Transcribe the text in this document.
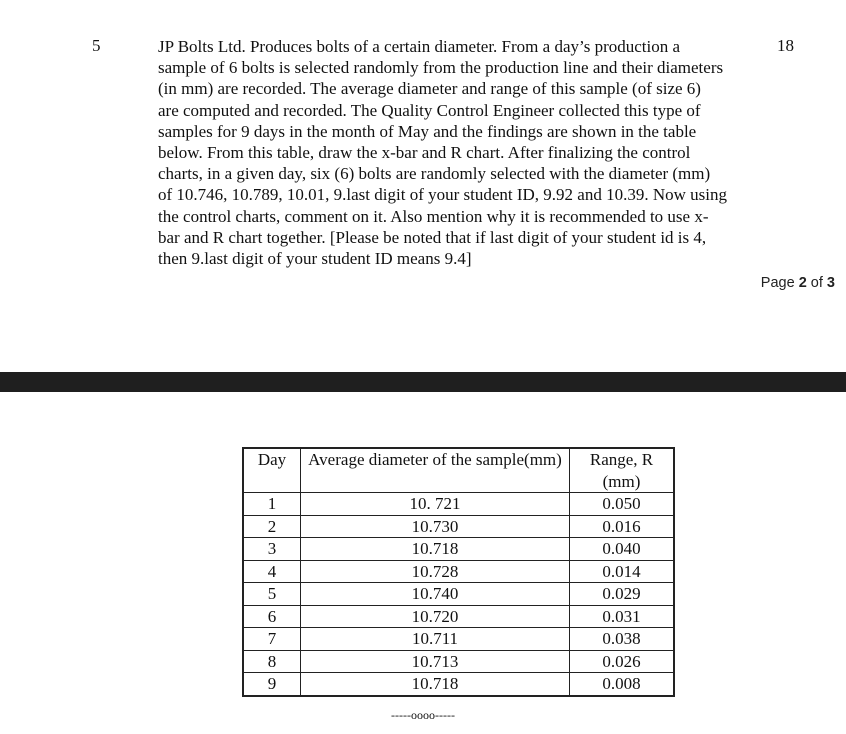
5	JP Bolts Ltd. Produces bolts of a certain diameter. From a day’s production a
sample of 6 bolts is selected randomly from the production line and their diameters
(in mm) are recorded. The average diameter and range of this sample (of size 6)
are computed and recorded. The Quality Control Engineer collected this type of
samples for 9 days in the month of May and the findings are shown in the table
below. From this table, draw the x-bar and R chart. After finalizing the control
charts, in a given day, six (6) bolts are randomly selected with the diameter (mm)
of 10.746, 10.789, 10.01, 9.last digit of your student ID, 9.92 and 10.39. Now using
the control charts, comment on it. Also mention why it is recommended to use x-
bar and R chart together. [Please be noted that if last digit of your student id is 4,
then 9.last digit of your student ID means 9.4]

18
Page 2 of 3
Day	Average diameter of the sample(mm)	Range, R (mm)
1	10. 721	0.050
2	10.730	0.016
3	10.718	0.040
4	10.728	0.014
5	10.740	0.029
6	10.720	0.031
7	10.711	0.038
8	10.713	0.026
9	10.718	0.008
-----oooo-----
